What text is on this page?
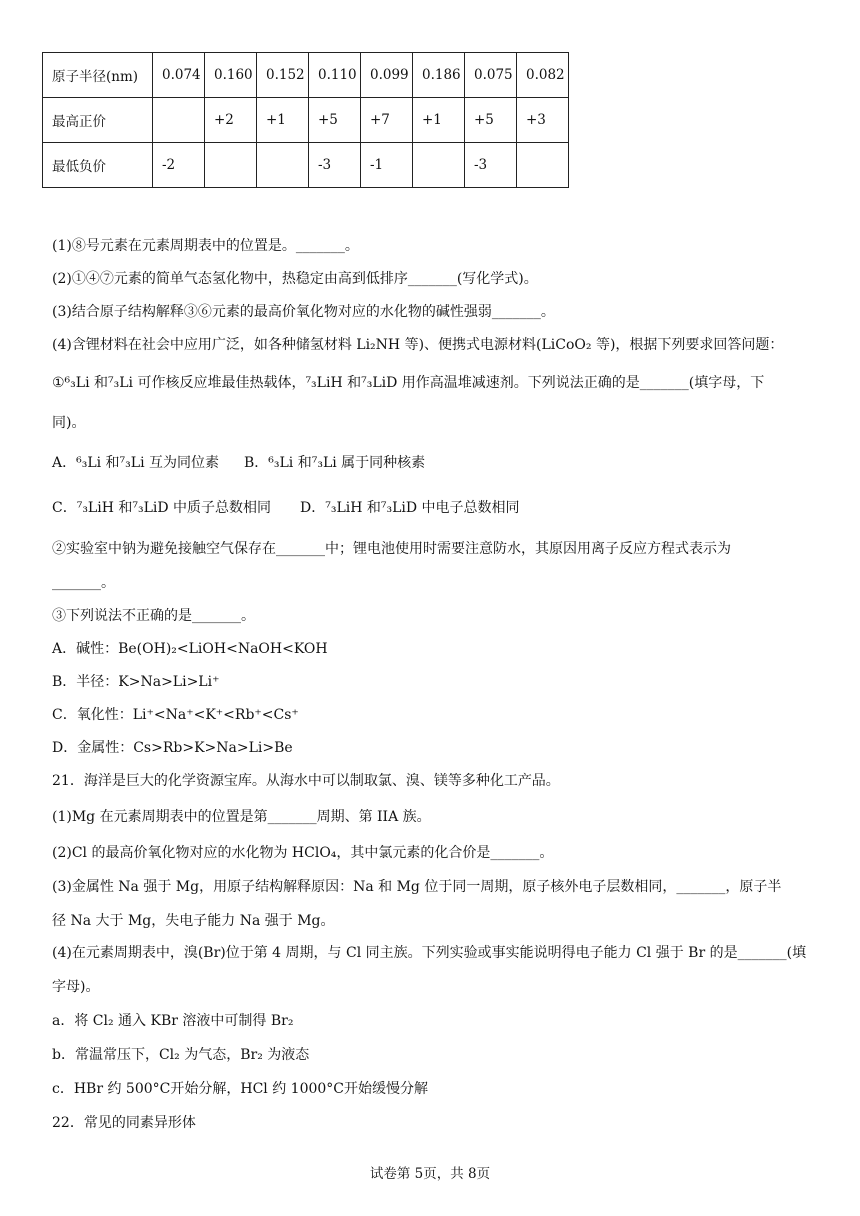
原子半径(nm)	0.074	0.160	0.152	0.110	0.099	0.186	0.075	0.082
最高正价		+2	+1	+5	+7	+1	+5	+3
最低负价	-2			-3	-1		-3	
(1)⑧号元素在元素周期表中的位置是。_______。
(2)①④⑦元素的简单气态氢化物中，热稳定由高到低排序_______(写化学式)。
(3)结合原子结构解释③⑥元素的最高价氧化物对应的水化物的碱性强弱_______。
(4)含锂材料在社会中应用广泛，如各种储氢材料 Li₂NH 等)、便携式电源材料(LiCoO₂ 等)，根据下列要求回答问题：
①⁶₃Li 和⁷₃Li 可作核反应堆最佳热载体，⁷₃LiH 和⁷₃LiD 用作高温堆减速剂。下列说法正确的是_______(填字母，下
同)。
A．⁶₃Li 和⁷₃Li 互为同位素 B．⁶₃Li 和⁷₃Li 属于同种核素
C．⁷₃LiH 和⁷₃LiD 中质子总数相同 D．⁷₃LiH 和⁷₃LiD 中电子总数相同
②实验室中钠为避免接触空气保存在_______中；锂电池使用时需要注意防水，其原因用离子反应方程式表示为
_______。
③下列说法不正确的是_______。
A．碱性：Be(OH)₂<LiOH<NaOH<KOH
B．半径：K>Na>Li>Li⁺
C．氧化性：Li⁺<Na⁺<K⁺<Rb⁺<Cs⁺
D．金属性：Cs>Rb>K>Na>Li>Be
21．海洋是巨大的化学资源宝库。从海水中可以制取氯、溴、镁等多种化工产品。
(1)Mg 在元素周期表中的位置是第_______周期、第 IIA 族。
(2)Cl 的最高价氧化物对应的水化物为 HClO₄，其中氯元素的化合价是_______。
(3)金属性 Na 强于 Mg，用原子结构解释原因：Na 和 Mg 位于同一周期，原子核外电子层数相同，_______，原子半
径 Na 大于 Mg，失电子能力 Na 强于 Mg。
(4)在元素周期表中，溴(Br)位于第 4 周期，与 Cl 同主族。下列实验或事实能说明得电子能力 Cl 强于 Br 的是_______(填
字母)。
a．将 Cl₂ 通入 KBr 溶液中可制得 Br₂
b．常温常压下，Cl₂ 为气态，Br₂ 为液态
c．HBr 约 500°C开始分解，HCl 约 1000°C开始缓慢分解
22．常见的同素异形体
试卷第 5页，共 8页
